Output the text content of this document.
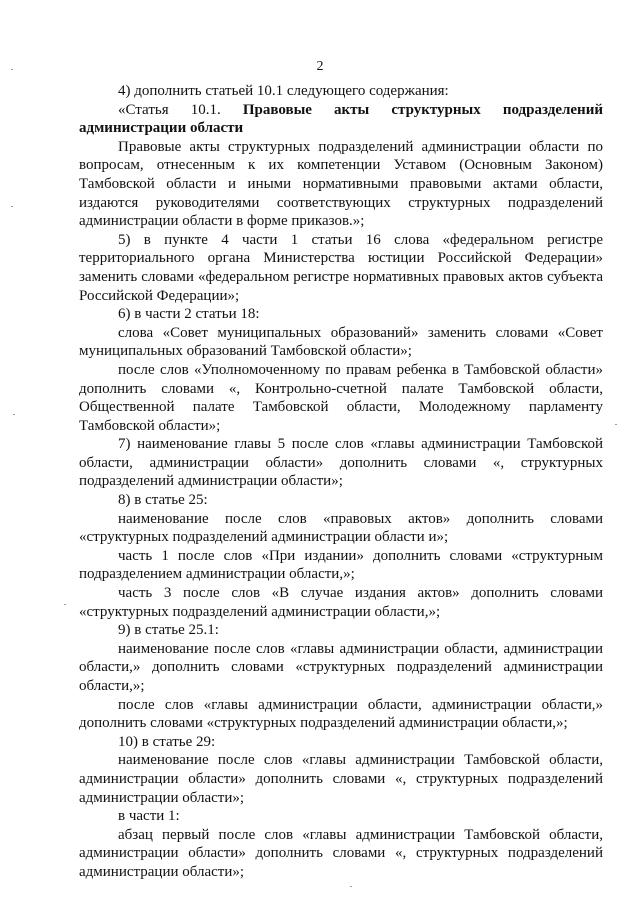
2

4) дополнить статьей 10.1 следующего содержания:

«Статья 10.1. Правовые акты структурных подразделений администрации области

Правовые акты структурных подразделений администрации области по вопросам, отнесенным к их компетенции Уставом (Основным Законом) Тамбовской области и иными нормативными правовыми актами области, издаются руководителями соответствующих структурных подразделений администрации области в форме приказов.»;

5) в пункте 4 части 1 статьи 16 слова «федеральном регистре территориального органа Министерства юстиции Российской Федерации» заменить словами «федеральном регистре нормативных правовых актов субъекта Российской Федерации»;

6) в части 2 статьи 18:

слова «Совет муниципальных образований» заменить словами «Совет муниципальных образований Тамбовской области»;

после слов «Уполномоченному по правам ребенка в Тамбовской области» дополнить словами «, Контрольно-счетной палате Тамбовской области, Общественной палате Тамбовской области, Молодежному парламенту Тамбовской области»;

7) наименование главы 5 после слов «главы администрации Тамбовской области, администрации области» дополнить словами «, структурных подразделений администрации области»;

8) в статье 25:

наименование после слов «правовых актов» дополнить словами «структурных подразделений администрации области и»;

часть 1 после слов «При издании» дополнить словами «структурным подразделением администрации области,»;

часть 3 после слов «В случае издания актов» дополнить словами «структурных подразделений администрации области,»;

9) в статье 25.1:

наименование после слов «главы администрации области, администрации области,» дополнить словами «структурных подразделений администрации области,»;

после слов «главы администрации области, администрации области,» дополнить словами «структурных подразделений администрации области,»;

10) в статье 29:

наименование после слов «главы администрации Тамбовской области, администрации области» дополнить словами «, структурных подразделений администрации области»;

в части 1:

абзац первый после слов «главы администрации Тамбовской области, администрации области» дополнить словами «, структурных подразделений администрации области»;
